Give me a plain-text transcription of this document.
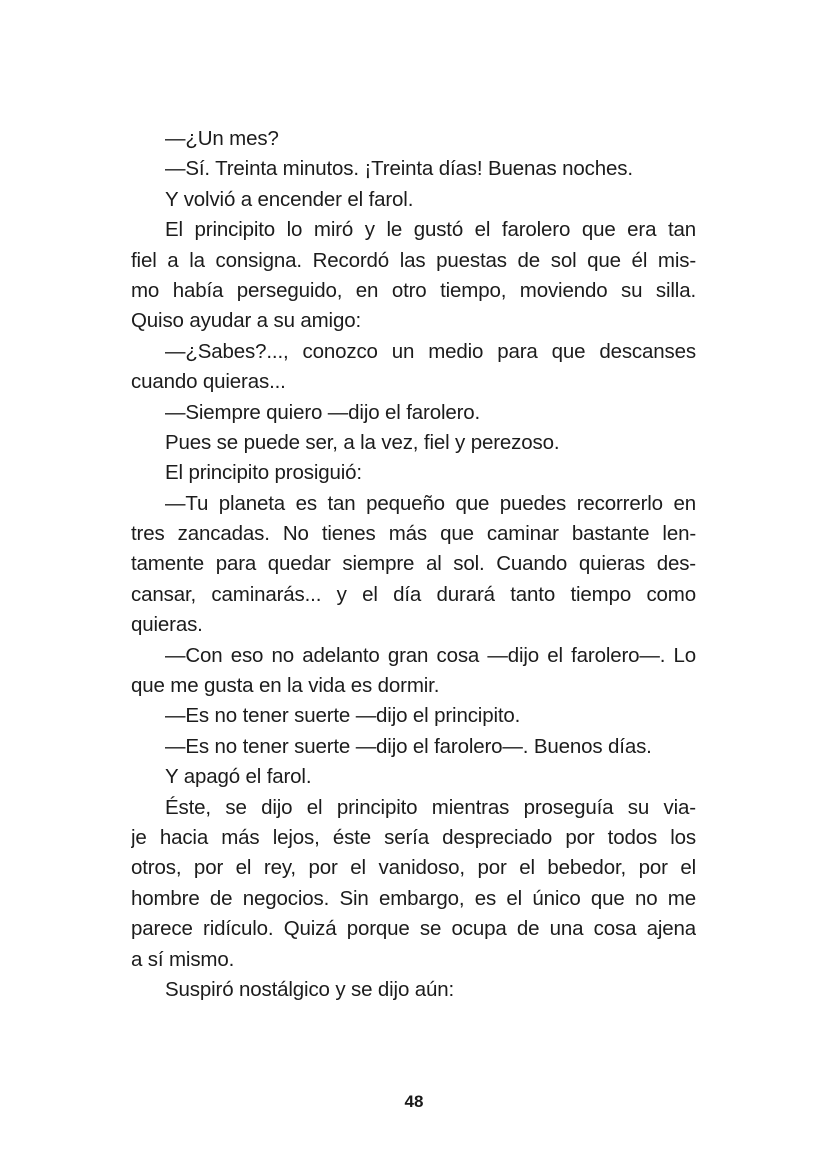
—¿Un mes?
—Sí. Treinta minutos. ¡Treinta días! Buenas noches.
Y volvió a encender el farol.
El principito lo miró y le gustó el farolero que era tan
fiel a la consigna. Recordó las puestas de sol que él mis-
mo había perseguido, en otro tiempo, moviendo su silla.
Quiso ayudar a su amigo:
—¿Sabes?..., conozco un medio para que descanses
cuando quieras...
—Siempre quiero —dijo el farolero.
Pues se puede ser, a la vez, fiel y perezoso.
El principito prosiguió:
—Tu planeta es tan pequeño que puedes recorrerlo en
tres zancadas. No tienes más que caminar bastante len-
tamente para quedar siempre al sol. Cuando quieras des-
cansar, caminarás... y el día durará tanto tiempo como
quieras.
—Con eso no adelanto gran cosa —dijo el farolero—. Lo
que me gusta en la vida es dormir.
—Es no tener suerte —dijo el principito.
—Es no tener suerte —dijo el farolero—. Buenos días.
Y apagó el farol.
Éste, se dijo el principito mientras proseguía su via-
je hacia más lejos, éste sería despreciado por todos los
otros, por el rey, por el vanidoso, por el bebedor, por el
hombre de negocios. Sin embargo, es el único que no me
parece ridículo. Quizá porque se ocupa de una cosa ajena
a sí mismo.
Suspiró nostálgico y se dijo aún:
48
